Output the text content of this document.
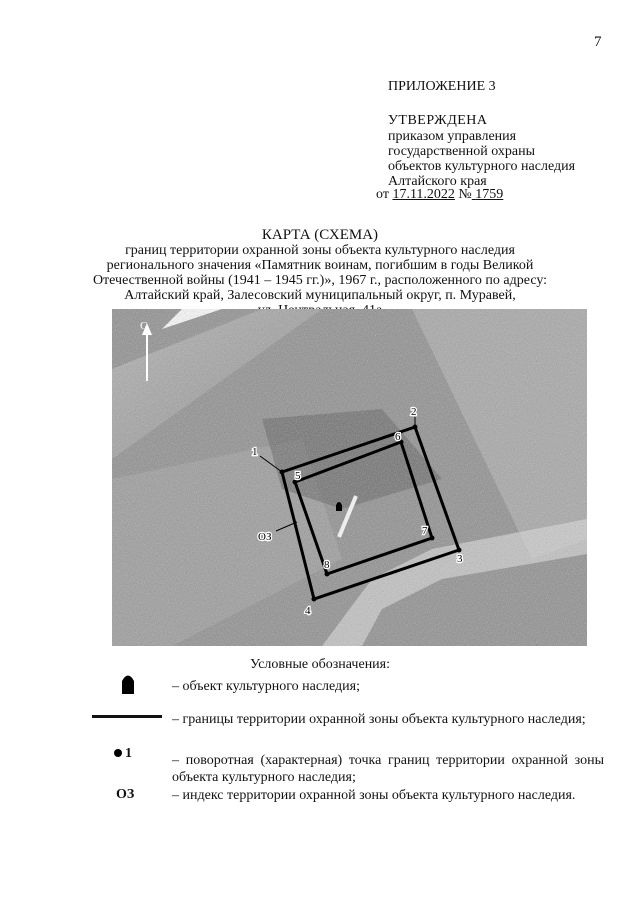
7
ПРИЛОЖЕНИЕ 3
УТВЕРЖДЕНА
приказом управления
государственной охраны
объектов культурного наследия
Алтайского края
от 17.11.2022 № 1759
КАРТА (СХЕМА)
границ территории охранной зоны объекта культурного наследия
регионального значения «Памятник воинам, погибшим в годы Великой
Отечественной войны (1941 – 1945 гг.)», 1967 г., расположенного по адресу:
Алтайский край, Залесовский муниципальный округ, п. Муравей,
С
1
2
3
4
5
6
7
8
ОЗ
Условные обозначения:
– объект культурного наследия;
– границы территории охранной зоны объекта культурного наследия;
1	– поворотная (характерная) точка границ территории охранной зоны объекта культурного наследия;
ОЗ	– индекс территории охранной зоны объекта культурного наследия.
